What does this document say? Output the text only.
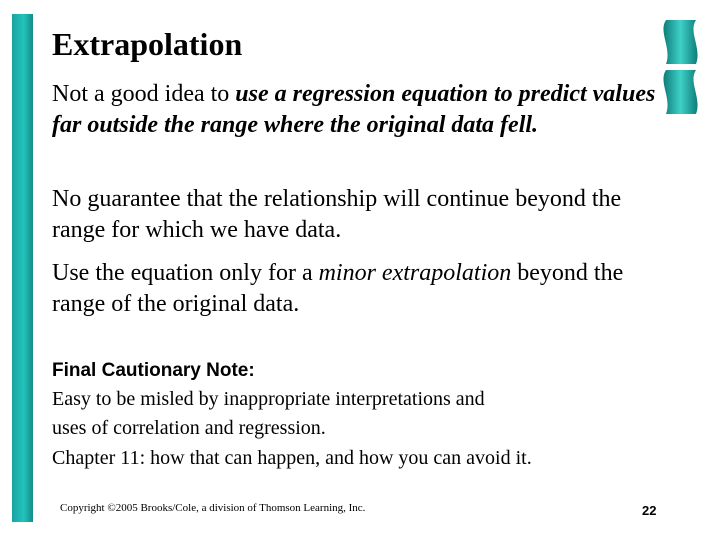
Extrapolation

Not a good idea to use a regression equation to predict values far outside the range where the original data fell.

No guarantee that the relationship will continue beyond the range for which we have data.

Use the equation only for a minor extrapolation beyond the range of the original data.

Final Cautionary Note:

Easy to be misled by inappropriate interpretations and

uses of correlation and regression.

Chapter 11: how that can happen, and how you can avoid it.

Copyright ©2005 Brooks/Cole, a division of Thomson Learning, Inc.	22
